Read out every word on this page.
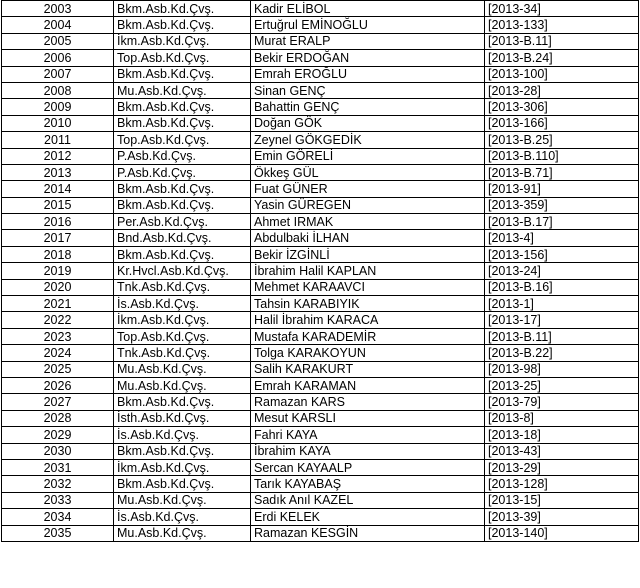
2003	Bkm.Asb.Kd.Çvş.	Kadir ELİBOL	[2013-34]
2004	Bkm.Asb.Kd.Çvş.	Ertuğrul EMİNOĞLU	[2013-133]
2005	İkm.Asb.Kd.Çvş.	Murat ERALP	[2013-B.11]
2006	Top.Asb.Kd.Çvş.	Bekir ERDOĞAN	[2013-B.24]
2007	Bkm.Asb.Kd.Çvş.	Emrah EROĞLU	[2013-100]
2008	Mu.Asb.Kd.Çvş.	Sinan GENÇ	[2013-28]
2009	Bkm.Asb.Kd.Çvş.	Bahattin GENÇ	[2013-306]
2010	Bkm.Asb.Kd.Çvş.	Doğan GÖK	[2013-166]
2011	Top.Asb.Kd.Çvş.	Zeynel GÖKGEDİK	[2013-B.25]
2012	P.Asb.Kd.Çvş.	Emin GÖRELİ	[2013-B.110]
2013	P.Asb.Kd.Çvş.	Ökkeş GÜL	[2013-B.71]
2014	Bkm.Asb.Kd.Çvş.	Fuat GÜNER	[2013-91]
2015	Bkm.Asb.Kd.Çvş.	Yasin GÜREGEN	[2013-359]
2016	Per.Asb.Kd.Çvş.	Ahmet IRMAK	[2013-B.17]
2017	Bnd.Asb.Kd.Çvş.	Abdulbaki İLHAN	[2013-4]
2018	Bkm.Asb.Kd.Çvş.	Bekir İZGİNLİ	[2013-156]
2019	Kr.Hvcl.Asb.Kd.Çvş.	İbrahim Halil KAPLAN	[2013-24]
2020	Tnk.Asb.Kd.Çvş.	Mehmet KARAAVCI	[2013-B.16]
2021	İs.Asb.Kd.Çvş.	Tahsin KARABIYIK	[2013-1]
2022	İkm.Asb.Kd.Çvş.	Halil İbrahim KARACA	[2013-17]
2023	Top.Asb.Kd.Çvş.	Mustafa KARADEMİR	[2013-B.11]
2024	Tnk.Asb.Kd.Çvş.	Tolga KARAKOYUN	[2013-B.22]
2025	Mu.Asb.Kd.Çvş.	Salih KARAKURT	[2013-98]
2026	Mu.Asb.Kd.Çvş.	Emrah KARAMAN	[2013-25]
2027	Bkm.Asb.Kd.Çvş.	Ramazan KARS	[2013-79]
2028	İsth.Asb.Kd.Çvş.	Mesut KARSLI	[2013-8]
2029	İs.Asb.Kd.Çvş.	Fahri KAYA	[2013-18]
2030	Bkm.Asb.Kd.Çvş.	İbrahim KAYA	[2013-43]
2031	İkm.Asb.Kd.Çvş.	Sercan KAYAALP	[2013-29]
2032	Bkm.Asb.Kd.Çvş.	Tarık KAYABAŞ	[2013-128]
2033	Mu.Asb.Kd.Çvş.	Sadık Anıl KAZEL	[2013-15]
2034	İs.Asb.Kd.Çvş.	Erdi KELEK	[2013-39]
2035	Mu.Asb.Kd.Çvş.	Ramazan KESGİN	[2013-140]
